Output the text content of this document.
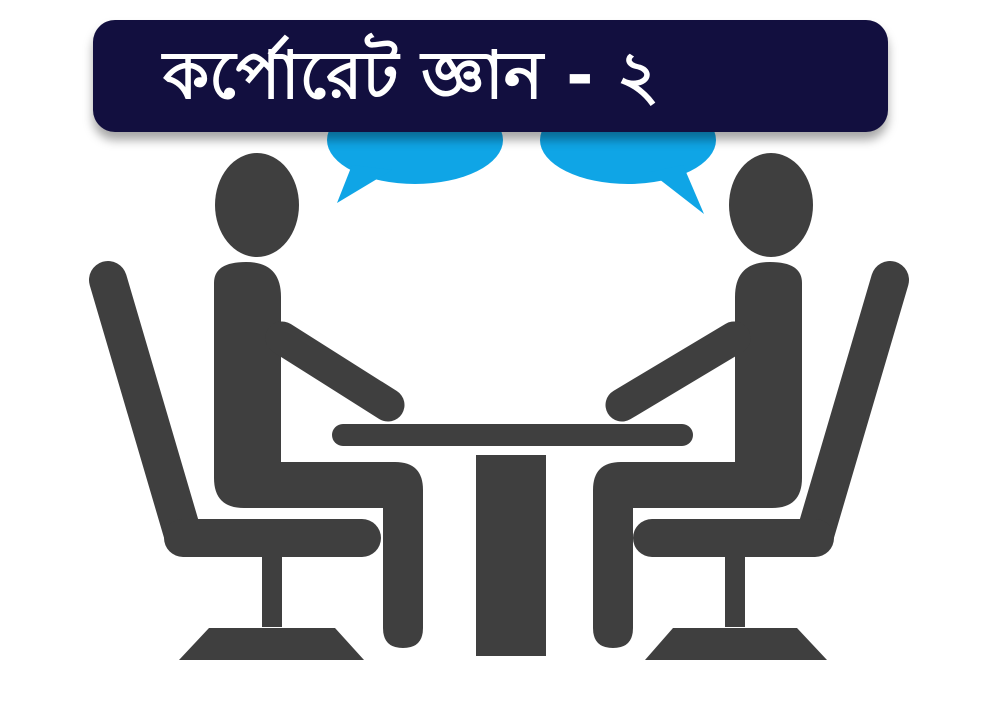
কর্পোরেট জ্ঞান - ২
